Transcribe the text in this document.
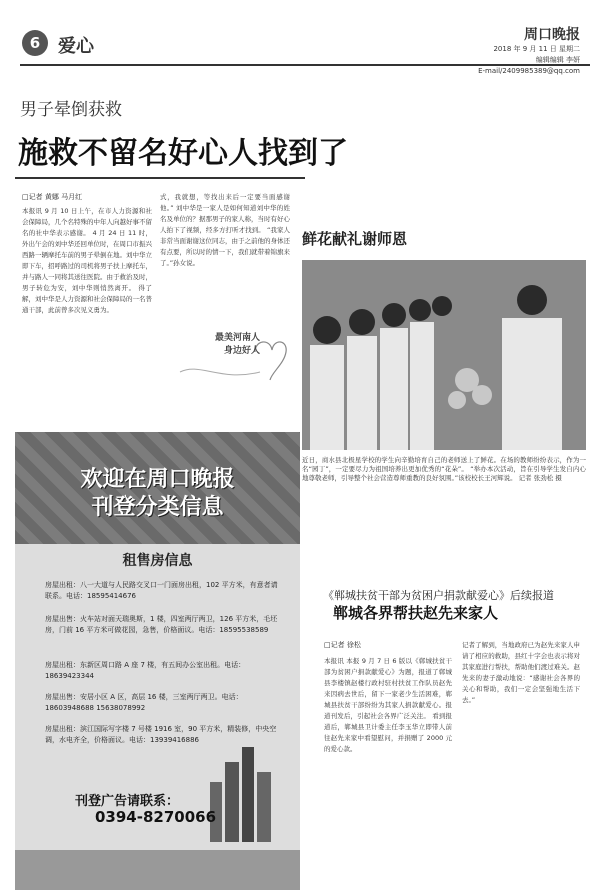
6 爱心
周口晚报
2018 年 9 月 11 日 星期二
编辑编辑 李妍
E-mail/2409985389@qq.com
男子晕倒获救
施救不留名好心人找到了
□记者 黄娜 马月红
本报讯 9 月 10 日上午，在市人力资源和社会保障局，几个名特殊的中年人向越好事不留名的社中华表示感谢。 4 月 24 日 11 时，外出午会的刘中华还回单位时，在周口市振兴西路一辆摩托车前的男子晕倒在地。刘中华立即下车，招呼路过的司机将男子扶上摩托车，并与路人一同将其送往医院。由于救治及时，男子转危为安，刘中华则悄然离开。 得了解，刘中华是人力资源和社会保障局的一名普通干部，此前曾多次见义勇为。
式，我就想，等找出来后一定要当面感谢他。” 刘中华是一家人是如何知道刘中华的姓名及单位的？据那男子的家人称，当时有好心人拍下了视频，经多方打听才找到。 “我家人非常当面谢谢这位同志，由于之前他的身体还有点要，所以时的情一下，我们就带着锦旗来了。”孙女说。
最美河南人
身边好人
鲜花献礼谢师恩
近日，商水县北极星学校的学生向辛勤培育自己的老师送上了鲜花。在场的教师纷纷表示，作为一名“园丁”，一定要尽力为祖国培养出更加优秀的“花朵”。 “举办本次活动，旨在引导学生发自内心地尊敬老师，引导整个社会营造尊师重教的良好氛围。”该校校长王河辉说。 记者 张劲松 摄
欢迎在周口晚报
刊登分类信息
租售房信息
房屋出租：八一大道与人民路交叉口一门面房出租，102 平方米，有意者请联系。电话：18595414676
房屋出售：火车站对面天瑞奥斯，1 楼，四室两厅两卫，126 平方米，毛坯房，门前 16 平方米可做花园，急售，价格面议。电话：18595538589
房屋出租：东新区周口路 A 座 7 楼，有五间办公室出租。电话：18639423344
房屋出售：安居小区 A 区，高层 16 楼，三室两厅两卫。电话：18603948688 15638078992
房屋出租：滨江国际写字楼 7 号楼 1916 室，90 平方米，精装修，中央空调，水电齐全，价格面议。电话：13939416886
刊登广告请联系：
0394-8270066
《郸城扶贫干部为贫困户捐款献爱心》后续报道
郸城各界帮扶赵先来家人
□记者 徐松
本报讯 本报 9 月 7 日 6 版以《郸城扶贫干部为贫困户捐款献爱心》为题，报道了郸城县李楼镇赵楼行政村驻村扶贫工作队员赵先来因病去世后，留下一家老少生活困难，郸城县扶贫干部纷纷为其家人捐款献爱心。报道刊发后，引起社会各界广泛关注。 看到报道后，郸城县卫计委主任李玉华立即带人前往赵先来家中看望慰问，并捐赠了 2000 元的爱心款。
记者了解到，当地政府已为赵先来家人申请了相应的救助，县红十字会也表示将对其家庭进行帮扶，帮助他们渡过难关。赵先来的妻子激动地说：“感谢社会各界的关心和帮助，我们一定会坚强地生活下去。”
